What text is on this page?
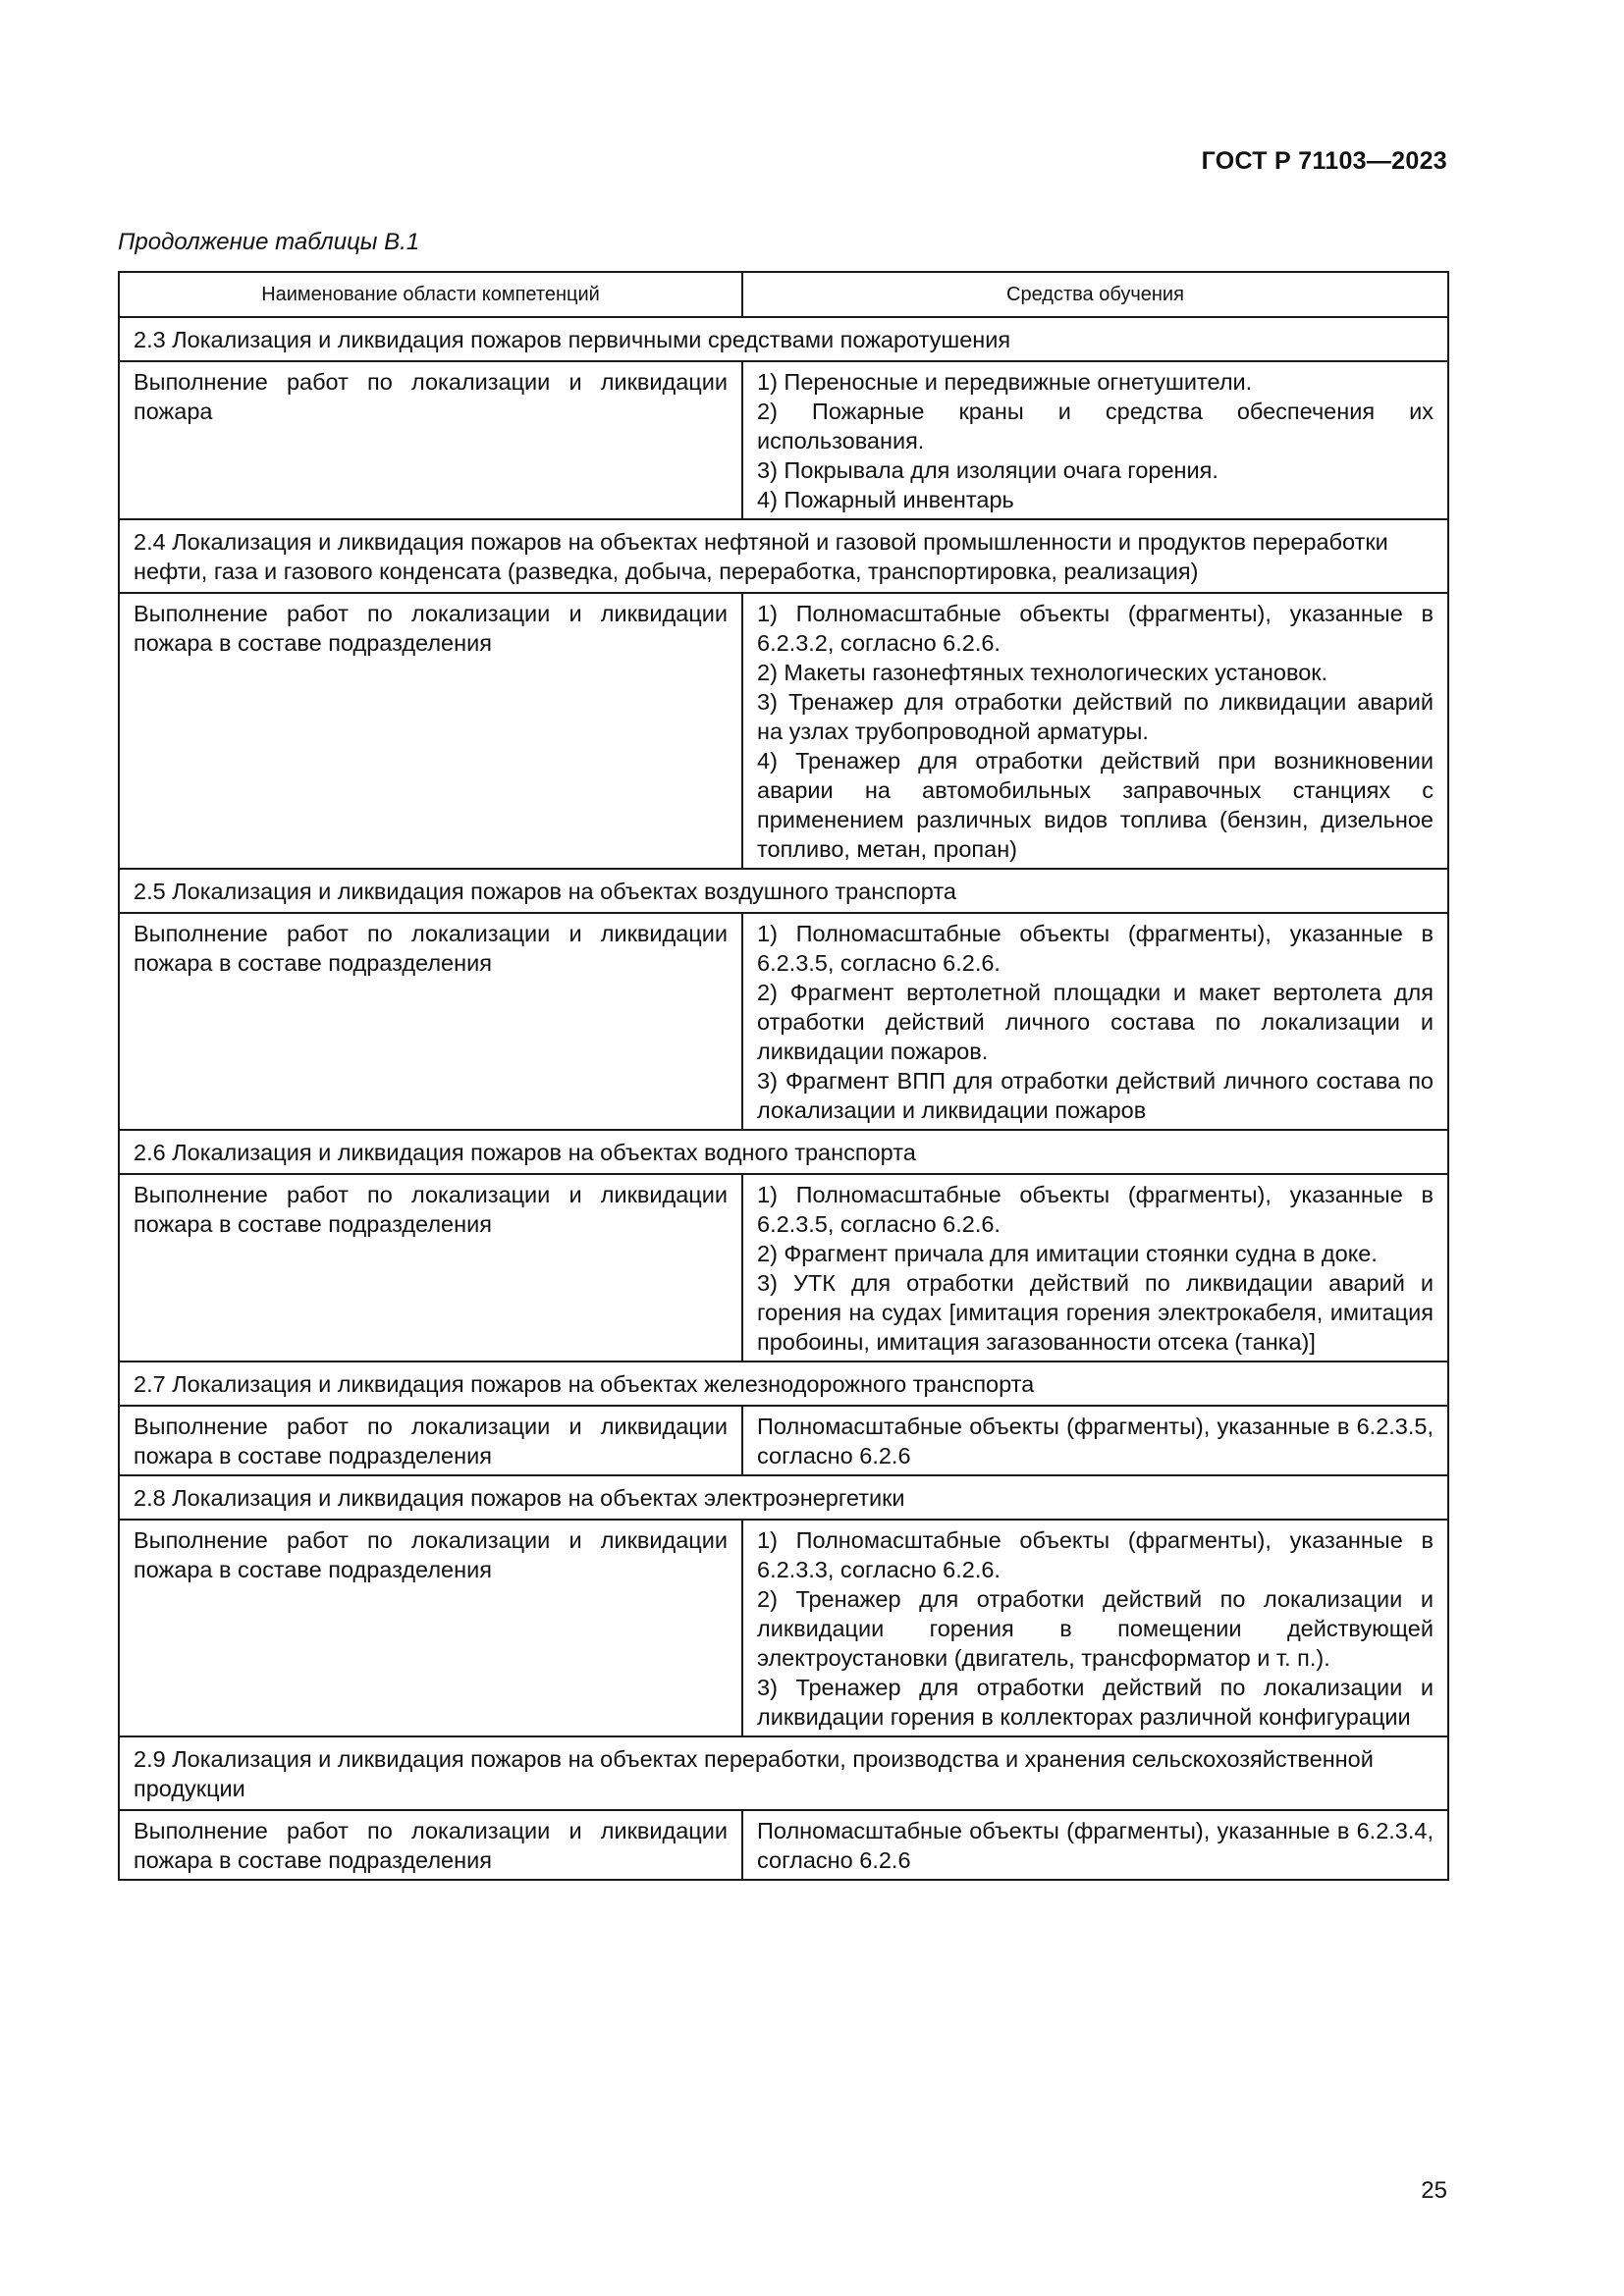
ГОСТ Р 71103—2023
Продолжение таблицы В.1
Наименование области компетенций	Средства обучения
2.3 Локализация и ликвидация пожаров первичными средствами пожаротушения	
Выполнение работ по локализации и ликвидации пожара	1) Переносные и передвижные огнетушители.
2) Пожарные краны и средства обеспечения их использования.
3) Покрывала для изоляции очага горения.
4) Пожарный инвентарь

2.4 Локализация и ликвидация пожаров на объектах нефтяной и газовой промышленности и продуктов переработки нефти, газа и газового конденсата (разведка, добыча, переработка, транспортировка, реализация)	
Выполнение работ по локализации и ликвидации пожара в составе подразделения	1) Полномасштабные объекты (фрагменты), указанные в 6.2.3.2, согласно 6.2.6.
2) Макеты газонефтяных технологических установок.
3) Тренажер для отработки действий по ликвидации аварий на узлах трубопроводной арматуры.
4) Тренажер для отработки действий при возникновении аварии на автомобильных заправочных станциях с применением различных видов топлива (бензин, дизельное топливо, метан, пропан)

2.5 Локализация и ликвидация пожаров на объектах воздушного транспорта	
Выполнение работ по локализации и ликвидации пожара в составе подразделения	1) Полномасштабные объекты (фрагменты), указанные в 6.2.3.5, согласно 6.2.6.
2) Фрагмент вертолетной площадки и макет вертолета для отработки действий личного состава по локализации и ликвидации пожаров.
3) Фрагмент ВПП для отработки действий личного состава по локализации и ликвидации пожаров

2.6 Локализация и ликвидация пожаров на объектах водного транспорта	
Выполнение работ по локализации и ликвидации пожара в составе подразделения	1) Полномасштабные объекты (фрагменты), указанные в 6.2.3.5, согласно 6.2.6.
2) Фрагмент причала для имитации стоянки судна в доке.
3) УТК для отработки действий по ликвидации аварий и горения на судах [имитация горения электрокабеля, имитация пробоины, имитация загазованности отсека (танка)]

2.7 Локализация и ликвидация пожаров на объектах железнодорожного транспорта	
Выполнение работ по локализации и ликвидации пожара в составе подразделения	Полномасштабные объекты (фрагменты), указанные в 6.2.3.5, согласно 6.2.6

2.8 Локализация и ликвидация пожаров на объектах электроэнергетики	
Выполнение работ по локализации и ликвидации пожара в составе подразделения	1) Полномасштабные объекты (фрагменты), указанные в 6.2.3.3, согласно 6.2.6.
2) Тренажер для отработки действий по локализации и ликвидации горения в помещении действующей электроустановки (двигатель, трансформатор и т. п.).
3) Тренажер для отработки действий по локализации и ликвидации горения в коллекторах различной конфигурации

2.9 Локализация и ликвидация пожаров на объектах переработки, производства и хранения сельскохозяйственной продукции	
Выполнение работ по локализации и ликвидации пожара в составе подразделения	Полномасштабные объекты (фрагменты), указанные в 6.2.3.4, согласно 6.2.6
25
